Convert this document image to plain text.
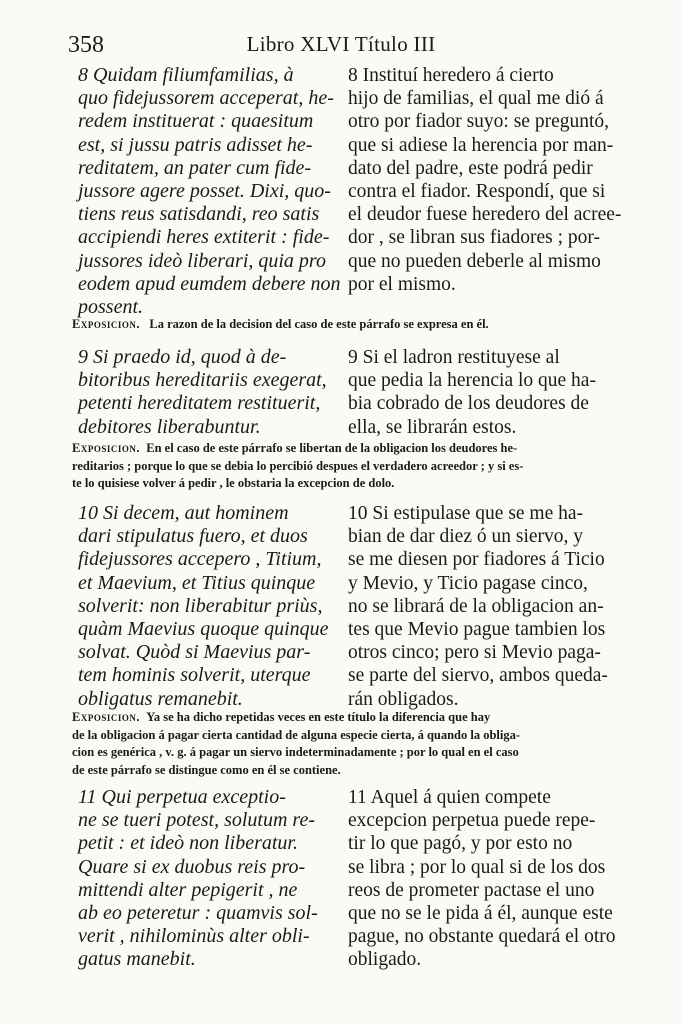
358	Libro XLVI Título III
8 Quidam filiumfamilias, à
quo fidejussorem acceperat, he-
redem instituerat : quaesitum
est, si jussu patris adisset he-
reditatem, an pater cum fide-
jussore agere posset. Dixi, quo-
tiens reus satisdandi, reo satis
accipiendi heres extiterit : fide-
jussores ideò liberari, quia pro
eodem apud eumdem debere non
possent.
8 Instituí heredero á cierto
hijo de familias, el qual me dió á
otro por fiador suyo: se preguntó,
que si adiese la herencia por man-
dato del padre, este podrá pedir
contra el fiador. Respondí, que si
el deudor fuese heredero del acree-
dor , se libran sus fiadores ; por-
que no pueden deberle al mismo
por el mismo.
Exposicion. La razon de la decision del caso de este párrafo se expresa en él.
9 Si praedo id, quod à de-
bitoribus hereditariis exegerat,
petenti hereditatem restituerit,
debitores liberabuntur.
9 Si el ladron restituyese al
que pedia la herencia lo que ha-
bia cobrado de los deudores de
ella, se librarán estos.
Exposicion. En el caso de este párrafo se libertan de la obligacion los deudores he-
reditarios ; porque lo que se debia lo percibió despues el verdadero acreedor ; y si es-
te lo quisiese volver á pedir , le obstaria la excepcion de dolo.
10 Si decem, aut hominem
dari stipulatus fuero, et duos
fidejussores accepero , Titium,
et Maevium, et Titius quinque
solverit: non liberabitur priùs,
quàm Maevius quoque quinque
solvat. Quòd si Maevius par-
tem hominis solverit, uterque
obligatus remanebit.
10 Si estipulase que se me ha-
bian de dar diez ó un siervo, y
se me diesen por fiadores á Ticio
y Mevio, y Ticio pagase cinco,
no se librará de la obligacion an-
tes que Mevio pague tambien los
otros cinco; pero si Mevio paga-
se parte del siervo, ambos queda-
rán obligados.
Exposicion. Ya se ha dicho repetidas veces en este título la diferencia que hay
de la obligacion á pagar cierta cantidad de alguna especie cierta, á quando la obliga-
cion es genérica , v. g. á pagar un siervo indeterminadamente ; por lo qual en el caso
de este párrafo se distingue como en él se contiene.
11 Qui perpetua exceptio-
ne se tueri potest, solutum re-
petit : et ideò non liberatur.
Quare si ex duobus reis pro-
mittendi alter pepigerit , ne
ab eo peteretur : quamvis sol-
verit , nihilominùs alter obli-
gatus manebit.
11 Aquel á quien compete
excepcion perpetua puede repe-
tir lo que pagó, y por esto no
se libra ; por lo qual si de los dos
reos de prometer pactase el uno
que no se le pida á él, aunque este
pague, no obstante quedará el otro
obligado.
